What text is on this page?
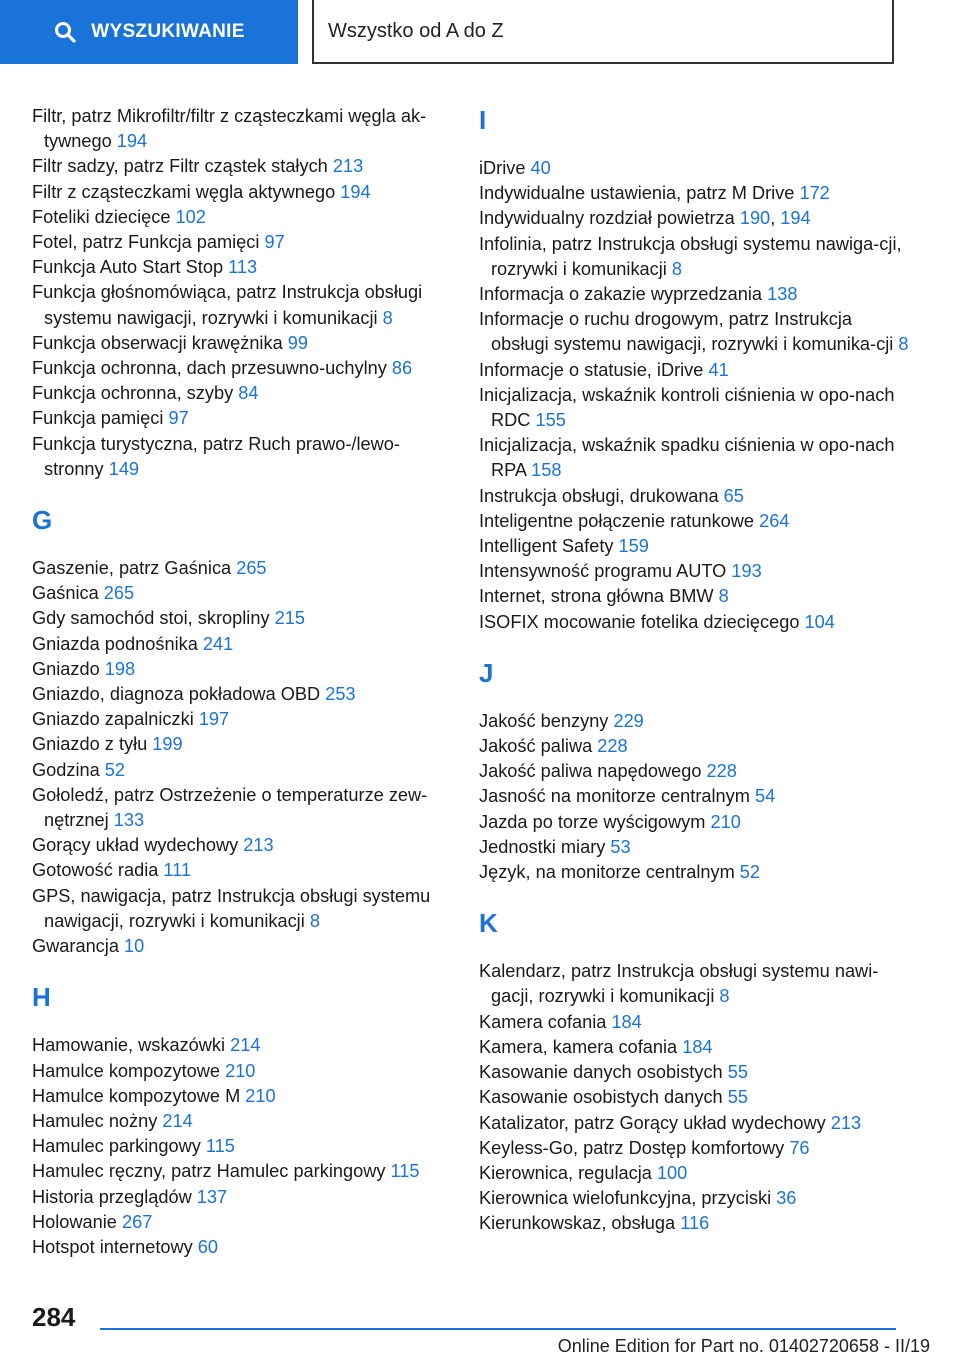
WYSZUKIWANIE	Wszystko od A do Z
Filtr, patrz Mikrofiltr/filtr z cząsteczkami węgla ak‐tywnego 194
Filtr sadzy, patrz Filtr cząstek stałych 213
Filtr z cząsteczkami węgla aktywnego 194
Foteliki dziecięce 102
Fotel, patrz Funkcja pamięci 97
Funkcja Auto Start Stop 113
Funkcja głośnomówiąca, patrz Instrukcja obsługi systemu nawigacji, rozrywki i komunikacji 8
Funkcja obserwacji krawężnika 99
Funkcja ochronna, dach przesuwno-uchylny 86
Funkcja ochronna, szyby 84
Funkcja pamięci 97
Funkcja turystyczna, patrz Ruch prawo-/lewo‐stronny 149
G
Gaszenie, patrz Gaśnica 265
Gaśnica 265
Gdy samochód stoi, skropliny 215
Gniazda podnośnika 241
Gniazdo 198
Gniazdo, diagnoza pokładowa OBD 253
Gniazdo zapalniczki 197
Gniazdo z tyłu 199
Godzina 52
Gołoledź, patrz Ostrzeżenie o temperaturze zew‐nętrznej 133
Gorący układ wydechowy 213
Gotowość radia 111
GPS, nawigacja, patrz Instrukcja obsługi systemu nawigacji, rozrywki i komunikacji 8
Gwarancja 10
H
Hamowanie, wskazówki 214
Hamulce kompozytowe 210
Hamulce kompozytowe M 210
Hamulec nożny 214
Hamulec parkingowy 115
Hamulec ręczny, patrz Hamulec parkingowy 115
Historia przeglądów 137
Holowanie 267
Hotspot internetowy 60
I
iDrive 40
Indywidualne ustawienia, patrz M Drive 172
Indywidualny rozdział powietrza 190, 194
Infolinia, patrz Instrukcja obsługi systemu nawiga‐cji, rozrywki i komunikacji 8
Informacja o zakazie wyprzedzania 138
Informacje o ruchu drogowym, patrz Instrukcja obsługi systemu nawigacji, rozrywki i komunika‐cji 8
Informacje o statusie, iDrive 41
Inicjalizacja, wskaźnik kontroli ciśnienia w opo‐nach RDC 155
Inicjalizacja, wskaźnik spadku ciśnienia w opo‐nach RPA 158
Instrukcja obsługi, drukowana 65
Inteligentne połączenie ratunkowe 264
Intelligent Safety 159
Intensywność programu AUTO 193
Internet, strona główna BMW 8
ISOFIX mocowanie fotelika dziecięcego 104
J
Jakość benzyny 229
Jakość paliwa 228
Jakość paliwa napędowego 228
Jasność na monitorze centralnym 54
Jazda po torze wyścigowym 210
Jednostki miary 53
Język, na monitorze centralnym 52
K
Kalendarz, patrz Instrukcja obsługi systemu nawi‐gacji, rozrywki i komunikacji 8
Kamera cofania 184
Kamera, kamera cofania 184
Kasowanie danych osobistych 55
Kasowanie osobistych danych 55
Katalizator, patrz Gorący układ wydechowy 213
Keyless-Go, patrz Dostęp komfortowy 76
Kierownica, regulacja 100
Kierownica wielofunkcyjna, przyciski 36
Kierunkowskaz, obsługa 116
284
Online Edition for Part no. 01402720658 - II/19
